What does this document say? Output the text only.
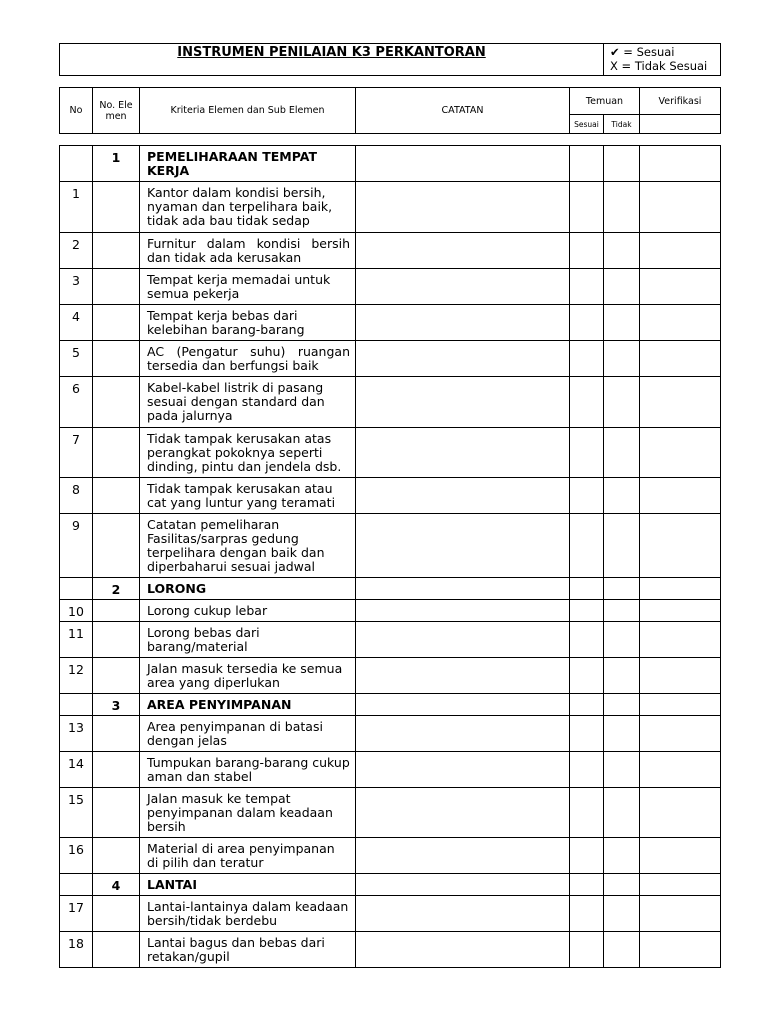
INSTRUMEN PENILAIAN K3 PERKANTORAN	✔ = Sesuai
X = Tidak Sesuai
No	No. Elemen	Kriteria Elemen dan Sub Elemen	CATATAN	Temuan		Verifikasi
				Sesuai	Tidak	
	1	PEMELIHARAAN TEMPAT KERJA				
1		Kantor dalam kondisi bersih, nyaman dan terpelihara baik, tidak ada bau tidak sedap				
2		Furnitur dalam kondisi bersih dan tidak ada kerusakan				
3		Tempat kerja memadai untuk semua pekerja				
4		Tempat kerja bebas dari kelebihan barang-barang				
5		AC (Pengatur suhu) ruangan tersedia dan berfungsi baik				
6		Kabel-kabel listrik di pasang sesuai dengan standard dan pada jalurnya				
7		Tidak tampak kerusakan atas perangkat pokoknya seperti dinding, pintu dan jendela dsb.				
8		Tidak tampak kerusakan atau cat yang luntur yang teramati				
9		Catatan pemeliharan Fasilitas/sarpras gedung terpelihara dengan baik dan diperbaharui sesuai jadwal				
	2	LORONG				
10		Lorong cukup lebar				
11		Lorong bebas dari barang/material				
12		Jalan masuk tersedia ke semua area yang diperlukan				
	3	AREA PENYIMPANAN				
13		Area penyimpanan di batasi dengan jelas				
14		Tumpukan barang-barang cukup aman dan stabel				
15		Jalan masuk ke tempat penyimpanan dalam keadaan bersih				
16		Material di area penyimpanan di pilih dan teratur				
	4	LANTAI				
17		Lantai-lantainya dalam keadaan bersih/tidak berdebu				
18		Lantai bagus dan bebas dari retakan/gupil				
